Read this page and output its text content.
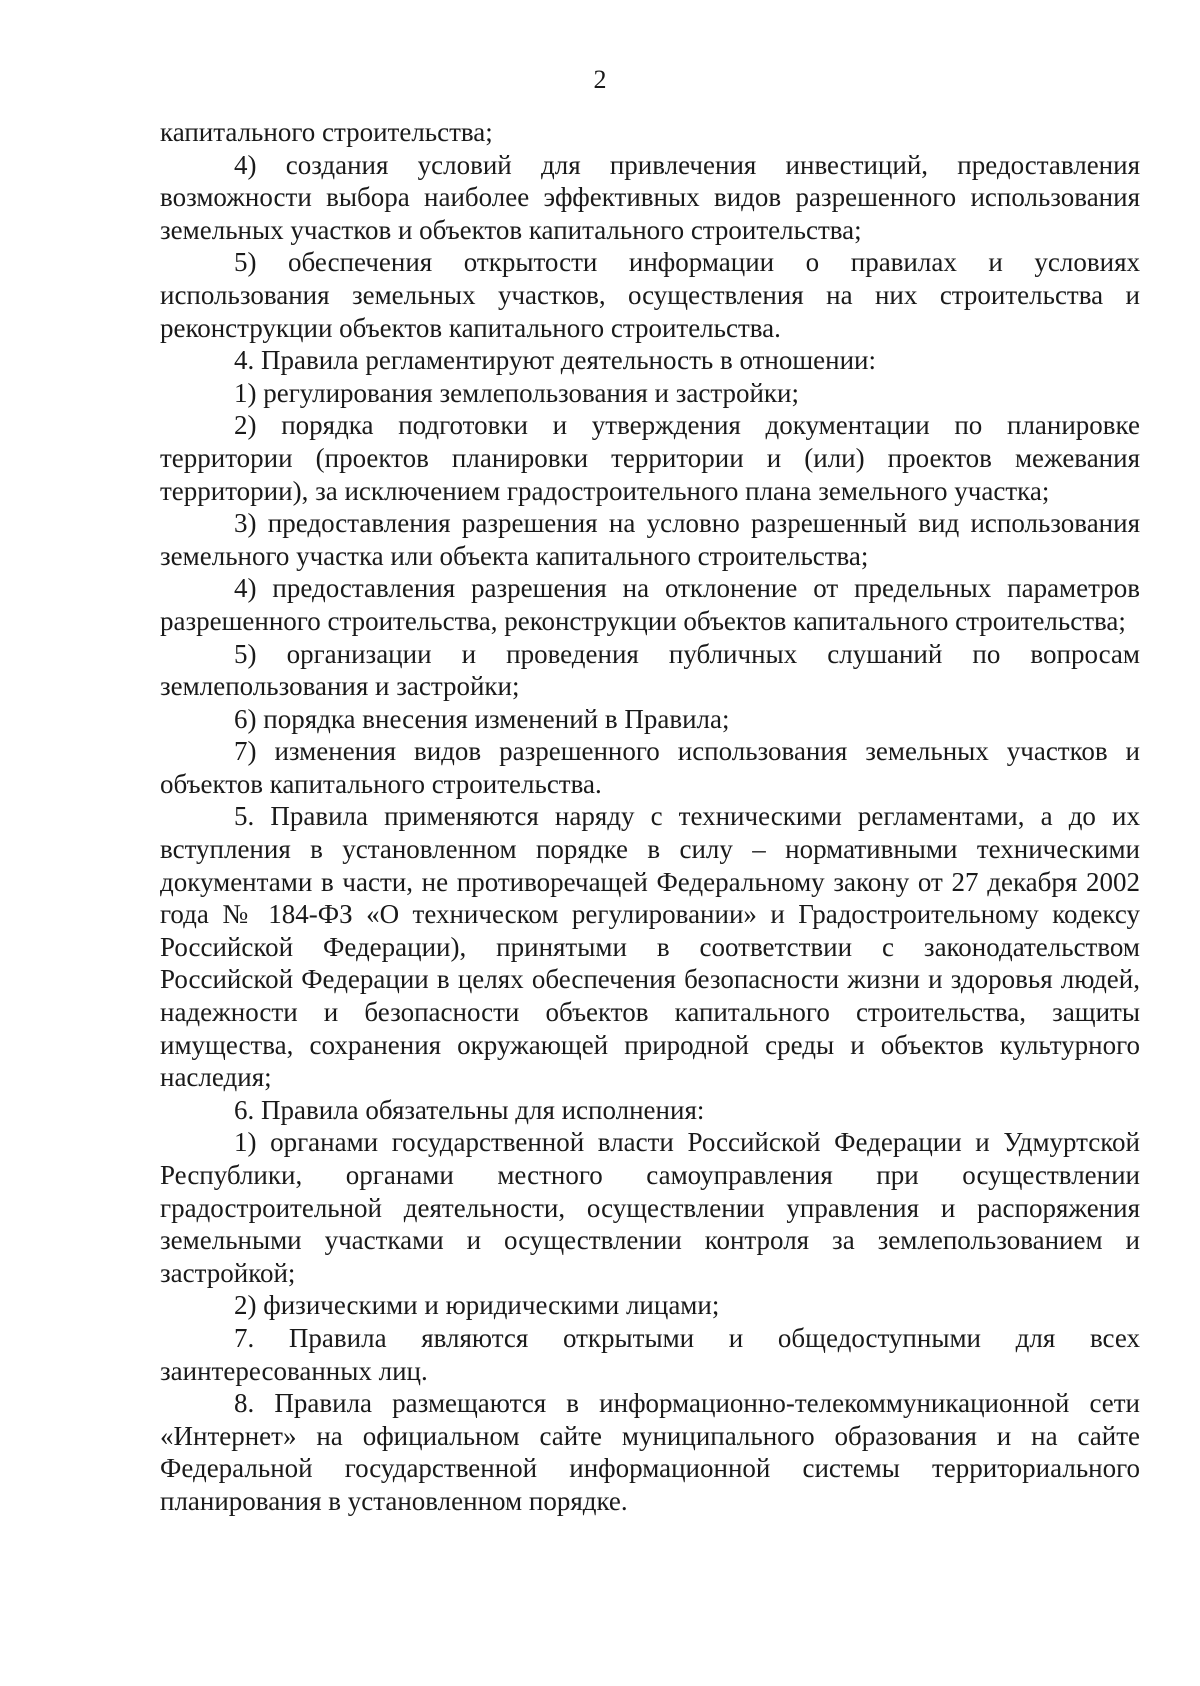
2

капитального строительства;

4) создания условий для привлечения инвестиций, предоставления возможности выбора наиболее эффективных видов разрешенного использования земельных участков и объектов капитального строительства;

5) обеспечения открытости информации о правилах и условиях использования земельных участков, осуществления на них строительства и реконструкции объектов капитального строительства.

4. Правила регламентируют деятельность в отношении:

1) регулирования землепользования и застройки;

2) порядка подготовки и утверждения документации по планировке территории (проектов планировки территории и (или) проектов межевания территории), за исключением градостроительного плана земельного участка;

3) предоставления разрешения на условно разрешенный вид использования земельного участка или объекта капитального строительства;

4) предоставления разрешения на отклонение от предельных параметров разрешенного строительства, реконструкции объектов капитального строительства;

5) организации и проведения публичных слушаний по вопросам землепользования и застройки;

6) порядка внесения изменений в Правила;

7) изменения видов разрешенного использования земельных участков и объектов капитального строительства.

5. Правила применяются наряду с техническими регламентами, а до их вступления в установленном порядке в силу – нормативными техническими документами в части, не противоречащей Федеральному закону от 27 декабря 2002 года № 184-ФЗ «О техническом регулировании» и Градостроительному кодексу Российской Федерации), принятыми в соответствии с законодательством Российской Федерации в целях обеспечения безопасности жизни и здоровья людей, надежности и безопасности объектов капитального строительства, защиты имущества, сохранения окружающей природной среды и объектов культурного наследия;

6. Правила обязательны для исполнения:

1) органами государственной власти Российской Федерации и Удмуртской Республики, органами местного самоуправления при осуществлении градостроительной деятельности, осуществлении управления и распоряжения земельными участками и осуществлении контроля за землепользованием и застройкой;

2) физическими и юридическими лицами;

7. Правила являются открытыми и общедоступными для всех заинтересованных лиц.

8. Правила размещаются в информационно-телекоммуникационной сети «Интернет» на официальном сайте муниципального образования и на сайте Федеральной государственной информационной системы территориального планирования в установленном порядке.
